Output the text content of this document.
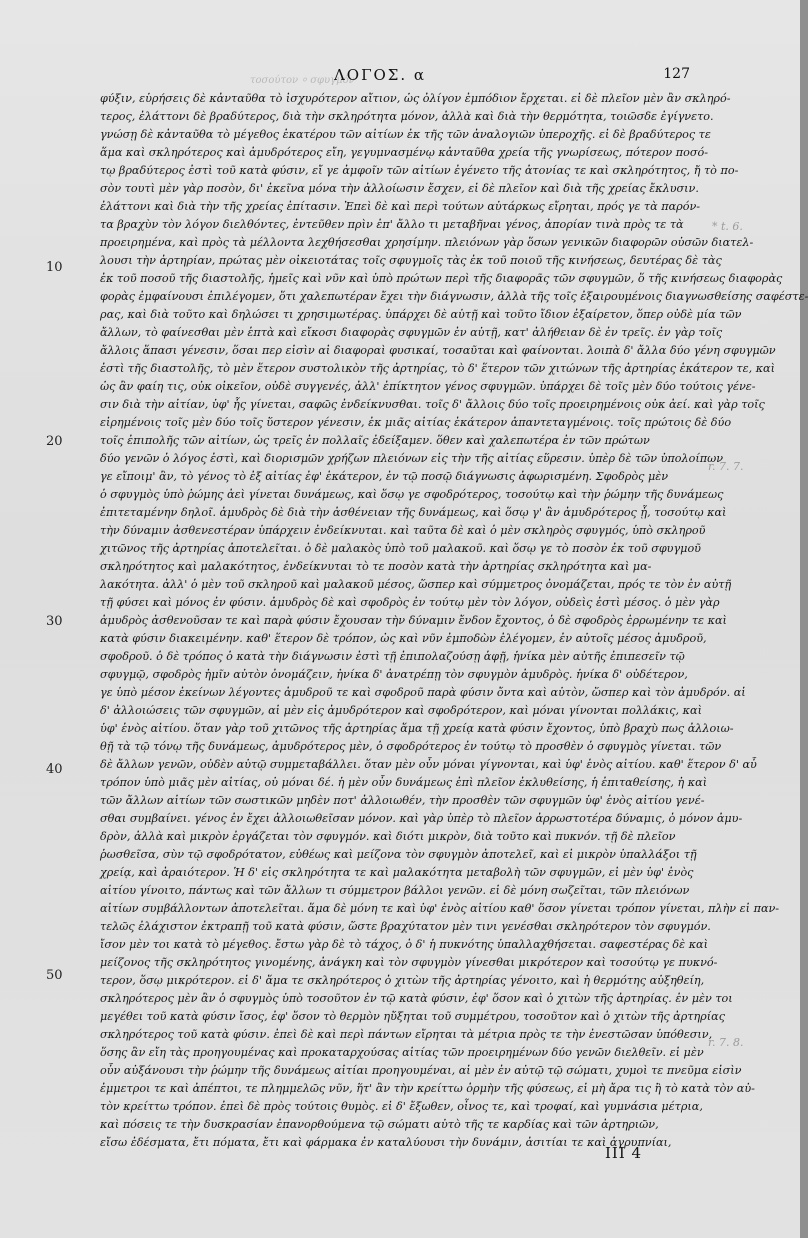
τοσούτον ⸰ σφυγμόν
ΛΟΓΟΣ. α	127
10
20
30
40
50
* t. 6.
r. 7. 7.
r. 7. 8.
φύξιν, εὑρήσεις δὲ κἀνταῦθα τὸ ἰσχυρότερον αἴτιον, ὡς ὀλίγον ἐμπόδιον ἔρχεται. εἰ δὲ πλεῖον μὲν ἂν σκληρό-
τερος, ἐλάττονι δὲ βραδύτερος, διὰ τὴν σκληρότητα μόνον, ἀλλὰ καὶ διὰ τὴν θερμότητα, τοιῶσδε ἐγίγνετο.
γνώσῃ δὲ κἀνταῦθα τὸ μέγεθος ἑκατέρου τῶν αἰτίων ἐκ τῆς τῶν ἀναλογιῶν ὑπεροχῆς. εἰ δὲ βραδύτερος τε
ἅμα καὶ σκληρότερος καὶ ἀμυδρότερος εἴη, γεγυμνασμένῳ κἀνταῦθα χρεία τῆς γνωρίσεως, πότερον ποσό-
τῳ βραδύτερος ἐστὶ τοῦ κατὰ φύσιν, εἴ γε ἀμφοῖν τῶν αἰτίων ἐγένετο τῆς ἀτονίας τε καὶ σκληρότητος, ἤ τὸ πο-
σὸν τουτὶ μὲν γὰρ ποσὸν, δι' ἐκεῖνα μόνα τὴν ἀλλοίωσιν ἔσχεν, εἰ δὲ πλεῖον καὶ διὰ τῆς χρείας ἔκλυσιν.
ἐλάττονι καὶ διὰ τὴν τῆς χρείας ἐπίτασιν. Ἐπεὶ δὲ καὶ περὶ τούτων αὐτάρκως εἴρηται, πρός γε τὰ παρόν-
τα βραχὺν τὸν λόγον διελθόντες, ἐντεῦθεν πρὶν ἐπ' ἄλλο τι μεταβῆναι γένος, ἀπορίαν τινὰ πρὸς τε τὰ
προειρημένα, καὶ πρὸς τὰ μέλλοντα λεχθήσεσθαι χρησίμην. πλειόνων γὰρ ὅσων γενικῶν διαφορῶν οὐσῶν διατελ-
λουσι τὴν ἀρτηρίαν, πρώτας μὲν οἰκειοτάτας τοῖς σφυγμοῖς τὰς ἐκ τοῦ ποιοῦ τῆς κινήσεως, δευτέρας δὲ τὰς
ἐκ τοῦ ποσοῦ τῆς διαστολῆς, ἡμεῖς καὶ νῦν καὶ ὑπὸ πρώτων περὶ τῆς διαφορᾶς τῶν σφυγμῶν, ὅ τῆς κινήσεως διαφορὰς
φορὰς ἐμφαίνουσι ἐπιλέγομεν, ὅτι χαλεπωτέραν ἔχει τὴν διάγνωσιν, ἀλλὰ τῆς τοῖς ἐξαιρουμένοις διαγνωσθείσης σαφέστε-
ρας, καὶ διὰ τοῦτο καὶ δηλώσει τι χρησιμωτέρας. ὑπάρχει δὲ αὐτῇ καὶ τοῦτο ἴδιον ἐξαίρετον, ὅπερ οὐδὲ μία τῶν
ἄλλων, τὸ φαίνεσθαι μὲν ἑπτὰ καὶ εἴκοσι διαφορὰς σφυγμῶν ἐν αὐτῇ, κατ' ἀλήθειαν δὲ ἐν τρεῖς. ἐν γὰρ τοῖς
ἄλλοις ἅπασι γένεσιν, ὅσαι περ εἰσὶν αἱ διαφοραὶ φυσικαί, τοσαῦται καὶ φαίνονται. λοιπὰ δ' ἄλλα δύο γένη σφυγμῶν
ἐστὶ τῆς διαστολῆς, τὸ μὲν ἕτερον συστολικὸν τῆς ἀρτηρίας, τὸ δ' ἕτερον τῶν χιτώνων τῆς ἀρτηρίας ἑκάτερον τε, καὶ
ὡς ἂν φαίη τις, οὐκ οἰκεῖον, οὐδὲ συγγενές, ἀλλ' ἐπίκτητον γένος σφυγμῶν. ὑπάρχει δὲ τοῖς μὲν δύο τούτοις γένε-
σιν διὰ τὴν αἰτίαν, ὑφ' ἧς γίνεται, σαφῶς ἐνδείκνυσθαι. τοῖς δ' ἄλλοις δύο τοῖς προειρημένοις οὐκ ἀεί. καὶ γὰρ τοῖς
εἰρημένοις τοῖς μὲν δύο τοῖς ὕστερον γένεσιν, ἐκ μιᾶς αἰτίας ἑκάτερον ἀπαντεταγμένοις. τοῖς πρώτοις δὲ δύο
τοῖς ἐπιπολῆς τῶν αἰτίων, ὡς τρεῖς ἐν πολλαῖς ἐδείξαμεν. ὅθεν καὶ χαλεπωτέρα ἐν τῶν πρώτων
δύο γενῶν ὁ λόγος ἐστὶ, καὶ διορισμῶν χρήζων πλειόνων εἰς τὴν τῆς αἰτίας εὕρεσιν. ὑπὲρ δὲ τῶν ὑπολοίπων
γε εἴποιμ' ἂν, τὸ γένος τὸ ἐξ αἰτίας ἐφ' ἑκάτερον, ἐν τῷ ποσῷ διάγνωσις ἀφωρισμένη. Σφοδρὸς μὲν
ὁ σφυγμὸς ὑπὸ ῥώμης ἀεὶ γίνεται δυνάμεως, καὶ ὅσῳ γε σφοδρότερος, τοσούτῳ καὶ τὴν ῥώμην τῆς δυνάμεως
ἐπιτεταμένην δηλοῖ. ἀμυδρὸς δὲ διὰ τὴν ἀσθένειαν τῆς δυνάμεως, καὶ ὅσῳ γ' ἂν ἀμυδρότερος ᾖ, τοσούτῳ καὶ
τὴν δύναμιν ἀσθενεστέραν ὑπάρχειν ἐνδείκνυται. καὶ ταῦτα δὲ καὶ ὁ μὲν σκληρὸς σφυγμός, ὑπὸ σκληροῦ
χιτῶνος τῆς ἀρτηρίας ἀποτελεῖται. ὁ δὲ μαλακὸς ὑπὸ τοῦ μαλακοῦ. καὶ ὅσῳ γε τὸ ποσὸν ἐκ τοῦ σφυγμοῦ
σκληρότητος καὶ μαλακότητος, ἐνδείκνυται τὸ τε ποσὸν κατὰ τὴν ἀρτηρίας σκληρότητα καὶ μα-
λακότητα. ἀλλ' ὁ μὲν τοῦ σκληροῦ καὶ μαλακοῦ μέσος, ὥσπερ καὶ σύμμετρος ὀνομάζεται, πρός τε τὸν ἐν αὐτῇ
τῇ φύσει καὶ μόνος ἐν φύσιν. ἀμυδρὸς δὲ καὶ σφοδρὸς ἐν τούτῳ μὲν τὸν λόγον, οὐδεὶς ἐστὶ μέσος. ὁ μὲν γὰρ
ἀμυδρὸς ἀσθενοῦσαν τε καὶ παρὰ φύσιν ἔχουσαν τὴν δύναμιν ἔνδον ἔχοντος, ὁ δὲ σφοδρὸς ἐρρωμένην τε καὶ
κατὰ φύσιν διακειμένην. καθ' ἕτερον δὲ τρόπον, ὡς καὶ νῦν ἐμποδὼν ἐλέγομεν, ἐν αὐτοῖς μέσος ἀμυδροῦ,
σφοδροῦ. ὁ δὲ τρόπος ὁ κατὰ τὴν διάγνωσιν ἐστὶ τῇ ἐπιπολαζούσῃ ἁφῇ, ἡνίκα μὲν αὐτῆς ἐπιπεσεῖν τῷ
σφυγμῷ, σφοδρὸς ἡμῖν αὐτὸν ὀνομάζειν, ἡνίκα δ' ἀνατρέπῃ τὸν σφυγμὸν ἀμυδρὸς. ἡνίκα δ' οὐδέτερον,
γε ὑπὸ μέσον ἐκείνων λέγοντες ἀμυδροῦ τε καὶ σφοδροῦ παρὰ φύσιν ὄντα καὶ αὐτὸν, ὥσπερ καὶ τὸν ἀμυδρόν. αἱ
δ' ἀλλοιώσεις τῶν σφυγμῶν, αἱ μὲν εἰς ἀμυδρότερον καὶ σφοδρότερον, καὶ μόναι γίνονται πολλάκις, καὶ
ὑφ' ἑνὸς αἰτίου. ὅταν γὰρ τοῦ χιτῶνος τῆς ἀρτηρίας ἅμα τῇ χρείᾳ κατὰ φύσιν ἔχοντος, ὑπὸ βραχὺ πως ἀλλοιω-
θῇ τὰ τῷ τόνῳ τῆς δυνάμεως, ἀμυδρότερος μὲν, ὁ σφοδρότερος ἐν τούτῳ τὸ προσθὲν ὁ σφυγμὸς γίνεται. τῶν
δὲ ἄλλων γενῶν, οὐδὲν αὐτῷ συμμεταβάλλει. ὅταν μὲν οὖν μόναι γίγνονται, καὶ ὑφ' ἑνὸς αἰτίου. καθ' ἕτερον δ' αὖ
τρόπον ὑπὸ μιᾶς μὲν αἰτίας, οὐ μόναι δέ. ἡ μὲν οὖν δυνάμεως ἐπὶ πλεῖον ἐκλυθείσης, ἡ ἐπιταθείσης, ἡ καὶ
τῶν ἄλλων αἰτίων τῶν σωστικῶν μηδὲν ποτ' ἀλλοιωθέν, τὴν προσθὲν τῶν σφυγμῶν ὑφ' ἑνὸς αἰτίου γενέ-
σθαι συμβαίνει. γένος ἐν ἔχει ἀλλοιωθεῖσαν μόνον. καὶ γὰρ ὑπὲρ τὸ πλεῖον ἀρρωστοτέρα δύναμις, ὁ μόνον ἀμυ-
δρὸν, ἀλλὰ καὶ μικρὸν ἐργάζεται τὸν σφυγμόν. καὶ διότι μικρὸν, διὰ τοῦτο καὶ πυκνόν. τῇ δὲ πλεῖον
ῥωσθεῖσα, σὺν τῷ σφοδρότατον, εὐθέως καὶ μείζονα τὸν σφυγμὸν ἀποτελεῖ, καὶ εἰ μικρὸν ὑπαλλάξοι τῇ
χρείᾳ, καὶ ἀραιότερον. Ἡ δ' εἰς σκληρότητα τε καὶ μαλακότητα μεταβολὴ τῶν σφυγμῶν, εἰ μὲν ὑφ' ἑνὸς
αἰτίου γίνοιτο, πάντως καὶ τῶν ἄλλων τι σύμμετρον βάλλοι γενῶν. εἰ δὲ μόνη σωζεῖται, τῶν πλειόνων
αἰτίων συμβάλλοντων ἀποτελεῖται. ἅμα δὲ μόνη τε καὶ ὑφ' ἑνὸς αἰτίου καθ' ὅσον γίνεται τρόπον γίνεται, πλὴν εἰ παν-
τελῶς ἐλάχιστον ἐκτραπῇ τοῦ κατὰ φύσιν, ὥστε βραχύτατον μὲν τινι γενέσθαι σκληρότερον τὸν σφυγμόν.
ἴσον μὲν τοι κατὰ τὸ μέγεθος. ἔστω γὰρ δὲ τὸ τάχος, ὁ δ' ἡ πυκνότης ὑπαλλαχθήσεται. σαφεστέρας δὲ καὶ
μείζονος τῆς σκληρότητος γινομένης, ἀνάγκη καὶ τὸν σφυγμὸν γίνεσθαι μικρότερον καὶ τοσούτῳ γε πυκνό-
τερον, ὅσῳ μικρότερον. εἰ δ' ἅμα τε σκληρότερος ὁ χιτὼν τῆς ἀρτηρίας γένοιτο, καὶ ἡ θερμότης αὐξηθείη,
σκληρότερος μὲν ἂν ὁ σφυγμὸς ὑπὸ τοσοῦτον ἐν τῷ κατὰ φύσιν, ἐφ' ὅσον καὶ ὁ χιτὼν τῆς ἀρτηρίας. ἐν μὲν τοι
μεγέθει τοῦ κατὰ φύσιν ἴσος, ἐφ' ὅσον τὸ θερμὸν ηὔξηται τοῦ συμμέτρου, τοσοῦτον καὶ ὁ χιτὼν τῆς ἀρτηρίας
σκληρότερος τοῦ κατὰ φύσιν. ἐπεὶ δὲ καὶ περὶ πάντων εἴρηται τὰ μέτρια πρὸς τε τὴν ἐνεστῶσαν ὑπόθεσιν,
ὅσης ἂν εἴη τὰς προηγουμένας καὶ προκαταρχούσας αἰτίας τῶν προειρημένων δύο γενῶν διελθεῖν. εἰ μὲν
οὖν αὐξάνουσι τὴν ῥώμην τῆς δυνάμεως αἰτίαι προηγουμέναι, αἱ μὲν ἐν αὐτῷ τῷ σώματι, χυμοὶ τε πνεῦμα εἰσὶν
ἐμμετροι τε καὶ ἀπέπτοι, τε πλημμελῶς νῦν, ἥτ' ἂν τὴν κρείττω ὁρμὴν τῆς φύσεως, εἰ μὴ ἄρα τις ἢ τὸ κατὰ τὸν αὐ-
τὸν κρείττω τρόπον. ἐπεὶ δὲ πρὸς τούτοις θυμὸς. εἰ δ' ἔξωθεν, οἶνος τε, καὶ τροφαί, καὶ γυμνάσια μέτρια,
καὶ πόσεις τε τὴν δυσκρασίαν ἐπανορθούμενα τῷ σώματι αὐτὸ τῆς τε καρδίας καὶ τῶν ἀρτηριῶν,
εἴσω ἐδέσματα, ἔτι πόματα, ἔτι καὶ φάρμακα ἐν καταλύουσι τὴν δυνάμιν, ἀσιτίαι τε καὶ ἀγρυπνίαι,
III 4
